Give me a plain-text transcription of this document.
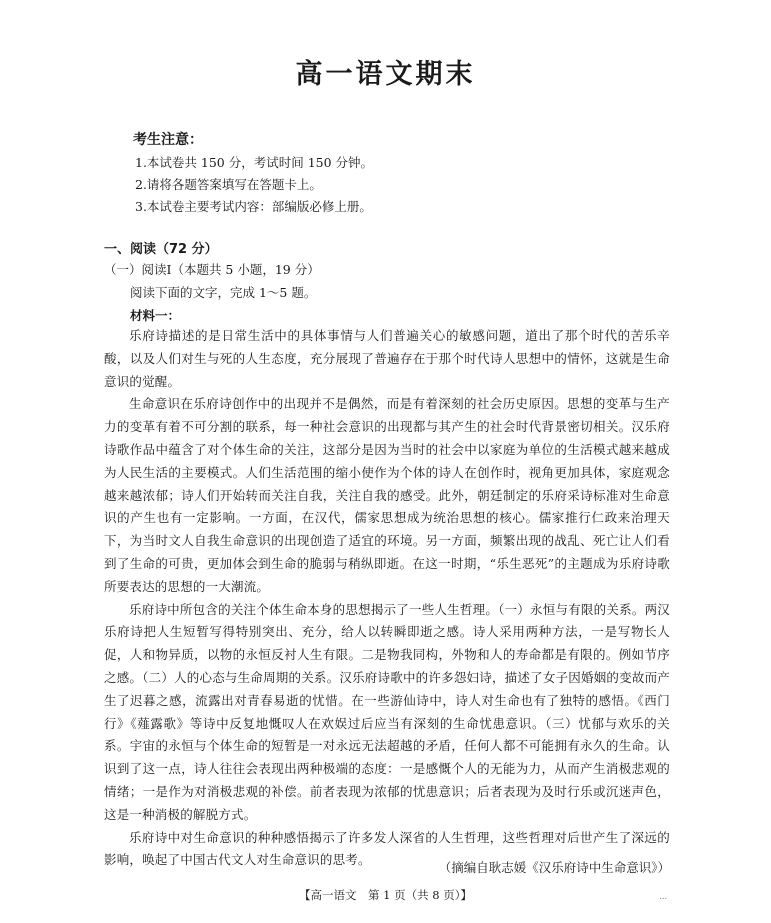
高一语文期末
考生注意：
1.本试卷共 150 分，考试时间 150 分钟。
2.请将各题答案填写在答题卡上。
3.本试卷主要考试内容：部编版必修上册。
一、阅读（72 分）
（一）阅读Ⅰ（本题共 5 小题，19 分）
阅读下面的文字，完成 1～5 题。
材料一：

乐府诗描述的是日常生活中的具体事情与人们普遍关心的敏感问题，道出了那个时代的苦乐辛酸，以及人们对生与死的人生态度，充分展现了普遍存在于那个时代诗人思想中的情怀，这就是生命意识的觉醒。

生命意识在乐府诗创作中的出现并不是偶然，而是有着深刻的社会历史原因。思想的变革与生产力的变革有着不可分割的联系，每一种社会意识的出现都与其产生的社会时代背景密切相关。汉乐府诗歌作品中蕴含了对个体生命的关注，这部分是因为当时的社会中以家庭为单位的生活模式越来越成为人民生活的主要模式。人们生活范围的缩小使作为个体的诗人在创作时，视角更加具体，家庭观念越来越浓郁；诗人们开始转而关注自我，关注自我的感受。此外，朝廷制定的乐府采诗标准对生命意识的产生也有一定影响。一方面，在汉代，儒家思想成为统治思想的核心。儒家推行仁政来治理天下，为当时文人自我生命意识的出现创造了适宜的环境。另一方面，频繁出现的战乱、死亡让人们看到了生命的可贵，更加体会到生命的脆弱与稍纵即逝。在这一时期，“乐生恶死”的主题成为乐府诗歌所要表达的思想的一大潮流。

乐府诗中所包含的关注个体生命本身的思想揭示了一些人生哲理。（一）永恒与有限的关系。两汉乐府诗把人生短暂写得特别突出、充分，给人以转瞬即逝之感。诗人采用两种方法，一是写物长人促，人和物异质，以物的永恒反衬人生有限。二是物我同构，外物和人的寿命都是有限的。例如节序之感。（二）人的心态与生命周期的关系。汉乐府诗歌中的许多怨妇诗，描述了女子因婚姻的变故而产生了迟暮之感，流露出对青春易逝的忧惜。在一些游仙诗中，诗人对生命也有了独特的感悟。《西门行》《薤露歌》等诗中反复地慨叹人在欢娱过后应当有深刻的生命忧患意识。（三）忧郁与欢乐的关系。宇宙的永恒与个体生命的短暂是一对永远无法超越的矛盾，任何人都不可能拥有永久的生命。认识到了这一点，诗人往往会表现出两种极端的态度：一是感慨个人的无能为力，从而产生消极悲观的情绪；一是作为对消极悲观的补偿。前者表现为浓郁的忧患意识；后者表现为及时行乐或沉迷声色，这是一种消极的解脱方式。

乐府诗中对生命意识的种种感悟揭示了许多发人深省的人生哲理，这些哲理对后世产生了深远的影响，唤起了中国古代文人对生命意识的思考。

（摘编自耿志媛《汉乐府诗中生命意识》）
【高一语文　第 1 页（共 8 页）】	...
